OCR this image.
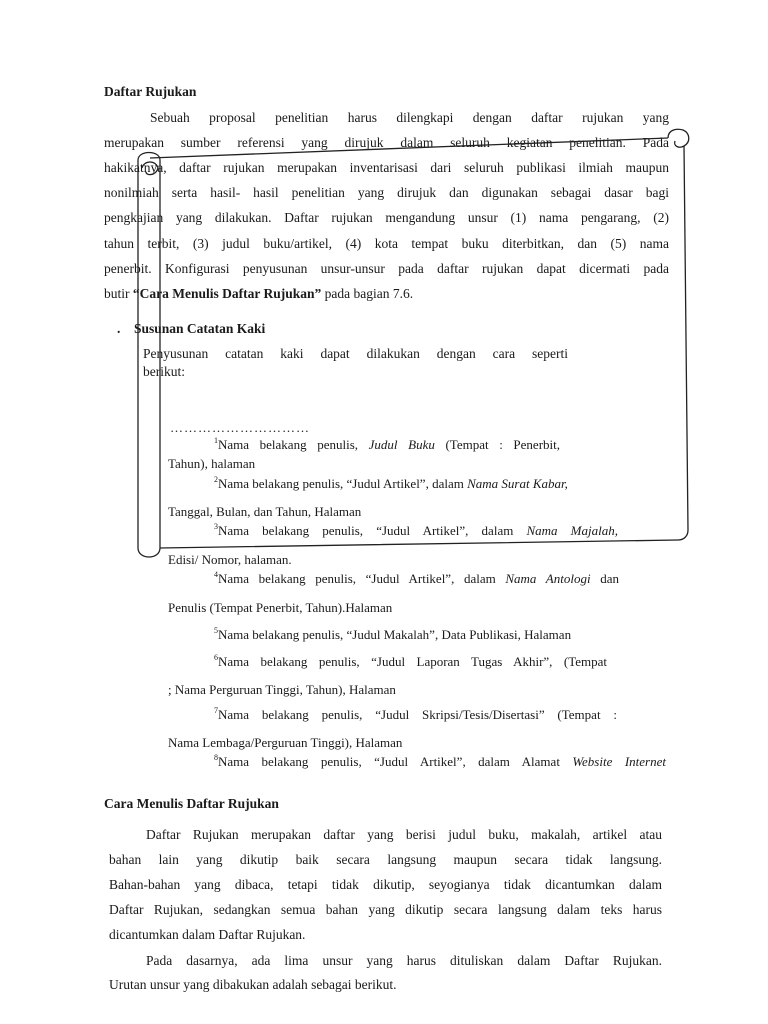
Daftar Rujukan
Sebuah proposal penelitian harus dilengkapi dengan daftar rujukan yang
merupakan sumber referensi yang dirujuk dalam seluruh kegiatan penelitian. Pada
hakikatnya, daftar rujukan merupakan inventarisasi dari seluruh publikasi ilmiah maupun
nonilmiah serta hasil- hasil penelitian yang dirujuk dan digunakan sebagai dasar bagi
pengkajian yang dilakukan. Daftar rujukan mengandung unsur (1) nama pengarang, (2)
tahun terbit, (3) judul buku/artikel, (4) kota tempat buku diterbitkan, dan (5) nama
penerbit. Konfigurasi penyusunan unsur-unsur pada daftar rujukan dapat dicermati pada
butir “Cara Menulis Daftar Rujukan” pada bagian 7.6.
. Susunan Catatan Kaki
Penyusunan catatan kaki dapat dilakukan dengan cara seperti
berikut:
…………………………
$^1$Nama belakang penulis, Judul Buku (Tempat : Penerbit,
Tahun), halaman
$^2$Nama belakang penulis, “Judul Artikel”, dalam Nama Surat Kabar,
Tanggal, Bulan, dan Tahun, Halaman
$^3$Nama belakang penulis, “Judul Artikel”, dalam Nama Majalah,
Edisi/ Nomor, halaman.
$^4$Nama belakang penulis, “Judul Artikel”, dalam Nama Antologi dan
Penulis (Tempat Penerbit, Tahun).Halaman
$^5$Nama belakang penulis, “Judul Makalah”, Data Publikasi, Halaman
$^6$Nama belakang penulis, “Judul Laporan Tugas Akhir”, (Tempat
; Nama Perguruan Tinggi, Tahun), Halaman
$^7$Nama belakang penulis, “Judul Skripsi/Tesis/Disertasi” (Tempat :
Nama Lembaga/Perguruan Tinggi), Halaman
$^8$Nama belakang penulis, “Judul Artikel”, dalam Alamat Website Internet
Cara Menulis Daftar Rujukan
Daftar Rujukan merupakan daftar yang berisi judul buku, makalah, artikel atau
bahan lain yang dikutip baik secara langsung maupun secara tidak langsung.
Bahan-bahan yang dibaca, tetapi tidak dikutip, seyogianya tidak dicantumkan dalam
Daftar Rujukan, sedangkan semua bahan yang dikutip secara langsung dalam teks harus
dicantumkan dalam Daftar Rujukan.
Pada dasarnya, ada lima unsur yang harus dituliskan dalam Daftar Rujukan.
Urutan unsur yang dibakukan adalah sebagai berikut.
